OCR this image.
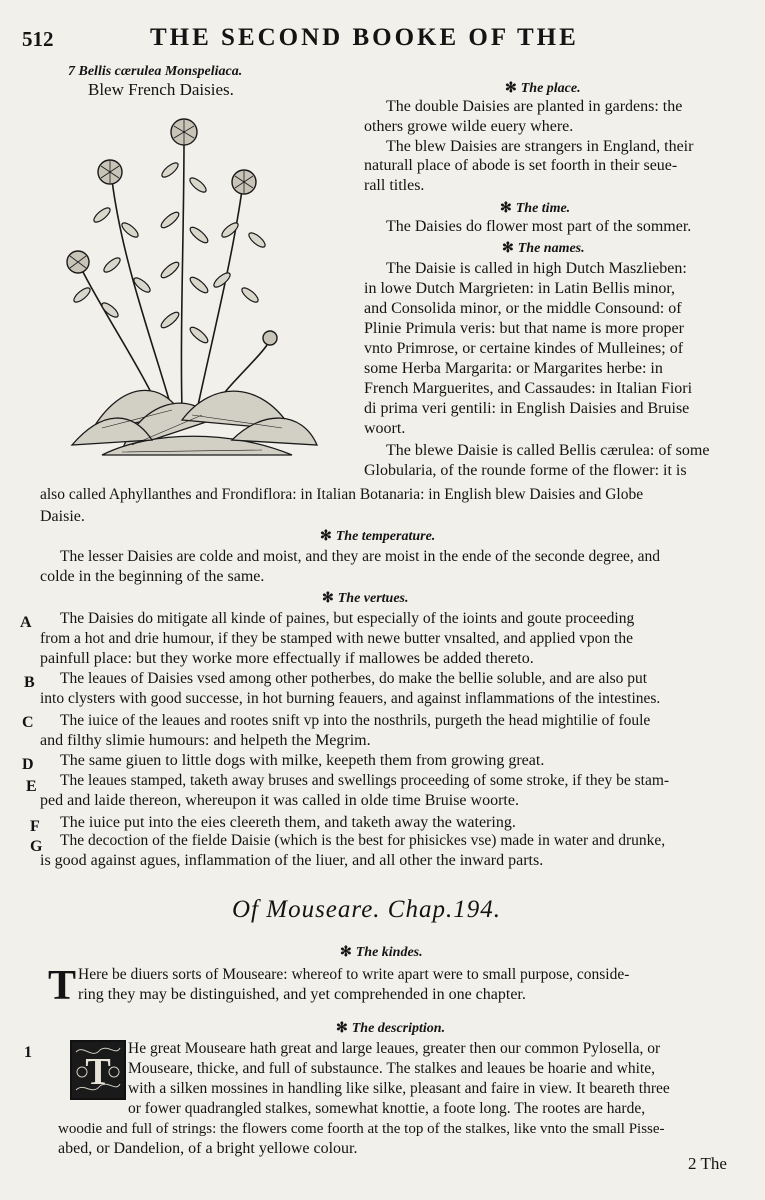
512	THE SECOND BOOKE OF THE
7 Bellis cærulea Monspeliaca.
Blew French Daisies.	✻ The place.
The double Daisies are planted in gardens: the
others growe wilde euery where.
The blew Daisies are strangers in England, their
naturall place of abode is set foorth in their seue-
rall titles.
✻ The time.
The Daisies do flower most part of the sommer.
✻ The names.
The Daisie is called in high Dutch Maszlieben:
in lowe Dutch Margrieten: in Latin Bellis minor,
and Consolida minor, or the middle Consound: of
Plinie Primula veris: but that name is more proper
vnto Primrose, or certaine kindes of Mulleines; of
some Herba Margarita: or Margarites herbe: in
French Marguerites, and Cassaudes: in Italian Fiori
di prima veri gentili: in English Daisies and Bruise
woort.
The blewe Daisie is called Bellis cærulea: of some
Globularia, of the rounde forme of the flower: it is
also called Aphyllanthes and Frondiflora: in Italian Botanaria: in English blew Daisies and Globe
Daisie.
✻ The temperature.
The lesser Daisies are colde and moist, and they are moist in the ende of the seconde degree, and
colde in the beginning of the same.
✻ The vertues.
A The Daisies do mitigate all kinde of paines, but especially of the ioints and goute proceeding
from a hot and drie humour, if they be stamped with newe butter vnsalted, and applied vpon the
painfull place: but they worke more effectually if mallowes be added thereto.
B The leaues of Daisies vsed among other potherbes, do make the bellie soluble, and are also put
into clysters with good successe, in hot burning feauers, and against inflammations of the intestines.
C The iuice of the leaues and rootes snift vp into the nosthrils, purgeth the head mightilie of foule
and filthy slimie humours: and helpeth the Megrim.
D The same giuen to little dogs with milke, keepeth them from growing great.
E The leaues stamped, taketh away bruses and swellings proceeding of some stroke, if they be stam-
ped and laide thereon, whereupon it was called in olde time Bruise woorte.
F The iuice put into the eies cleereth them, and taketh away the watering.
G The decoction of the fielde Daisie (which is the best for phisickes vse) made in water and drunke,
is good against agues, inflammation of the liuer, and all other the inward parts.
Of Mouseare. Chap.194.
✻ The kindes.
T Here be diuers sorts of Mouseare: whereof to write apart were to small purpose, conside-
ring they may be distinguished, and yet comprehended in one chapter.
✻ The description.
1 T
He great Mouseare hath great and large leaues, greater then our common Pylosella, or
Mouseare, thicke, and full of substaunce. The stalkes and leaues be hoarie and white,
with a silken mossines in handling like silke, pleasant and faire in view. It beareth three
or fower quadrangled stalkes, somewhat knottie, a foote long. The rootes are harde,
woodie and full of strings: the flowers come foorth at the top of the stalkes, like vnto the small Pisse-
abed, or Dandelion, of a bright yellowe colour.
2 The
